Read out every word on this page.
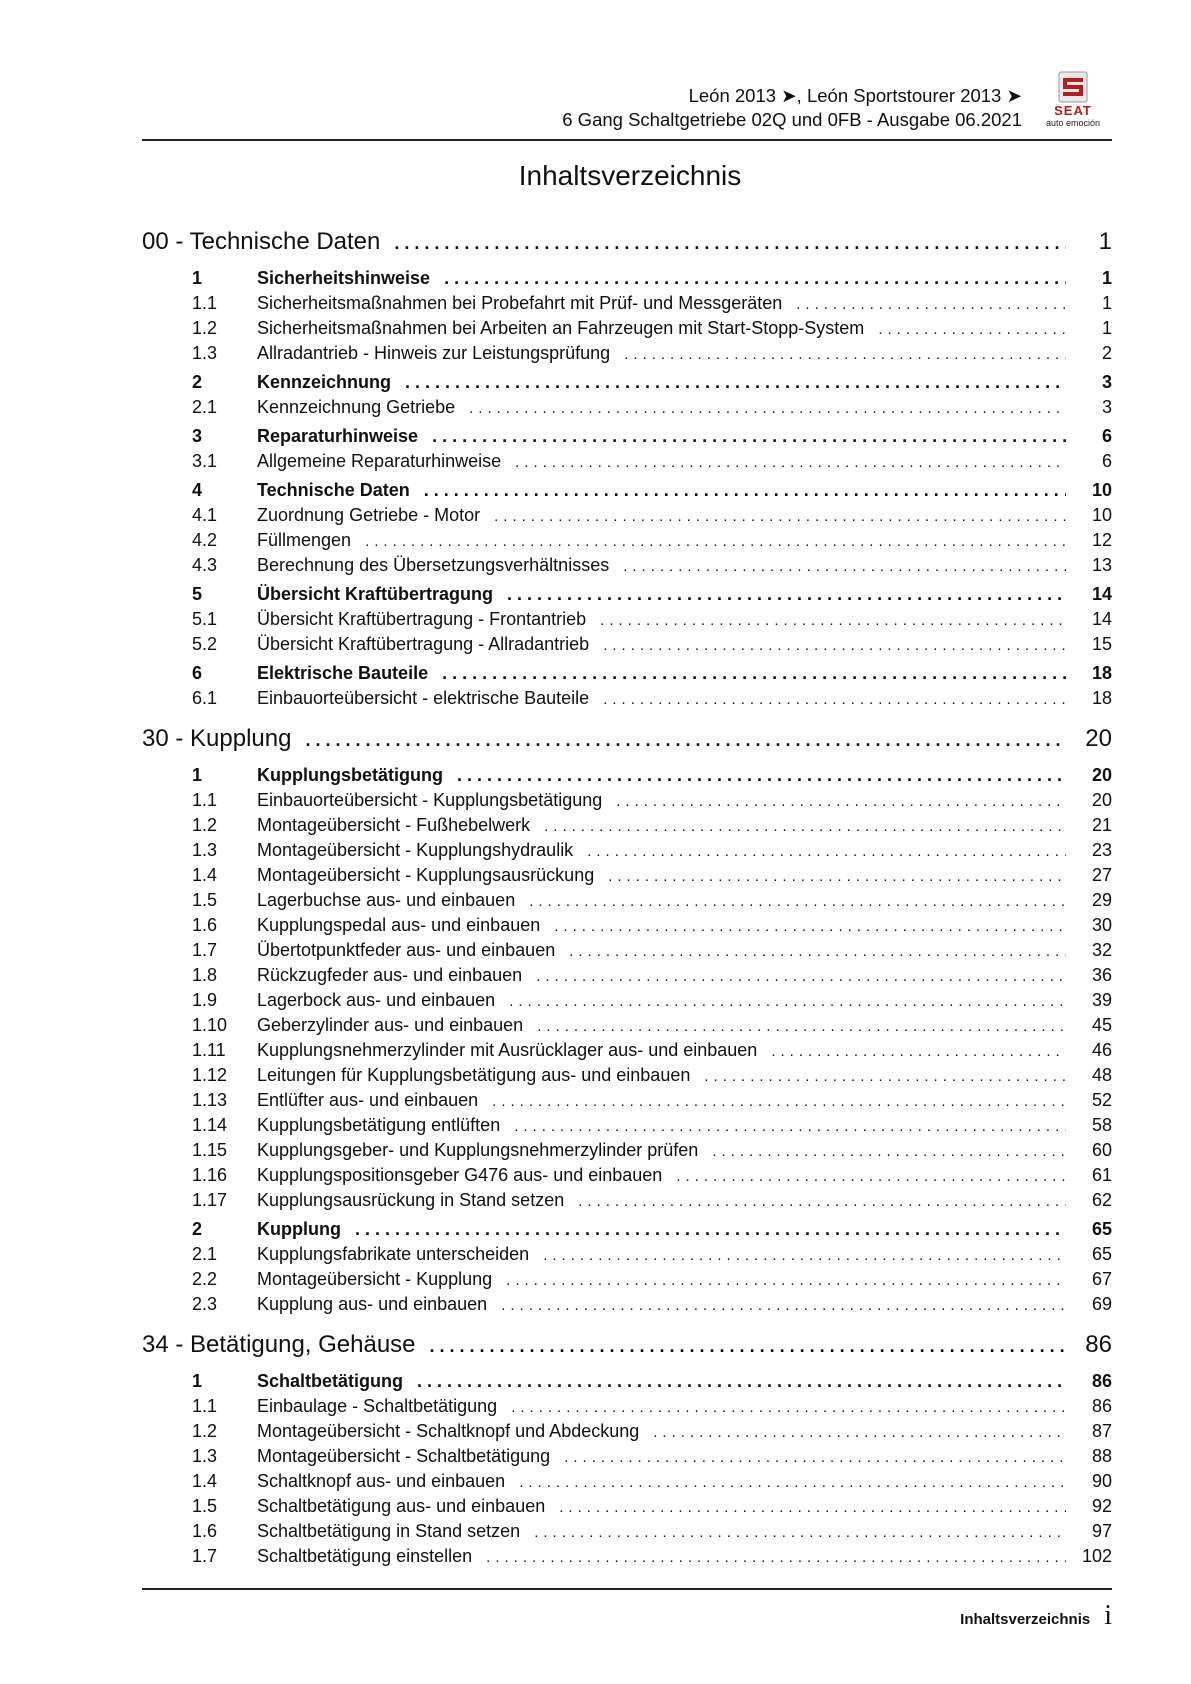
León 2013 ➤, León Sportstourer 2013 ➤
6 Gang Schaltgetriebe 02Q und 0FB - Ausgabe 06.2021 SEAT
auto emoción
Inhaltsverzeichnis
00 - Technische Daten .....	1
1	Sicherheitshinweise .....	1
1.1	Sicherheitsmaßnahmen bei Probefahrt mit Prüf- und Messgeräten .....	1
1.2	Sicherheitsmaßnahmen bei Arbeiten an Fahrzeugen mit Start-Stopp-System .....	1
1.3	Allradantrieb - Hinweis zur Leistungsprüfung .....	2
2	Kennzeichnung .....	3
2.1	Kennzeichnung Getriebe .....	3
3	Reparaturhinweise .....	6
3.1	Allgemeine Reparaturhinweise .....	6
4	Technische Daten .....	10
4.1	Zuordnung Getriebe - Motor .....	10
4.2	Füllmengen .....	12
4.3	Berechnung des Übersetzungsverhältnisses .....	13
5	Übersicht Kraftübertragung .....	14
5.1	Übersicht Kraftübertragung - Frontantrieb .....	14
5.2	Übersicht Kraftübertragung - Allradantrieb .....	15
6	Elektrische Bauteile .....	18
6.1	Einbauorteübersicht - elektrische Bauteile .....	18
30 - Kupplung .....	20
1	Kupplungsbetätigung .....	20
1.1	Einbauorteübersicht - Kupplungsbetätigung .....	20
1.2	Montageübersicht - Fußhebelwerk .....	21
1.3	Montageübersicht - Kupplungshydraulik .....	23
1.4	Montageübersicht - Kupplungsausrückung .....	27
1.5	Lagerbuchse aus- und einbauen .....	29
1.6	Kupplungspedal aus- und einbauen .....	30
1.7	Übertotpunktfeder aus- und einbauen .....	32
1.8	Rückzugfeder aus- und einbauen .....	36
1.9	Lagerbock aus- und einbauen .....	39
1.10	Geberzylinder aus- und einbauen .....	45
1.11	Kupplungsnehmerzylinder mit Ausrücklager aus- und einbauen .....	46
1.12	Leitungen für Kupplungsbetätigung aus- und einbauen .....	48
1.13	Entlüfter aus- und einbauen .....	52
1.14	Kupplungsbetätigung entlüften .....	58
1.15	Kupplungsgeber- und Kupplungsnehmerzylinder prüfen .....	60
1.16	Kupplungspositionsgeber G476 aus- und einbauen .....	61
1.17	Kupplungsausrückung in Stand setzen .....	62
2	Kupplung .....	65
2.1	Kupplungsfabrikate unterscheiden .....	65
2.2	Montageübersicht - Kupplung .....	67
2.3	Kupplung aus- und einbauen .....	69
34 - Betätigung, Gehäuse .....	86
1	Schaltbetätigung .....	86
1.1	Einbaulage - Schaltbetätigung .....	86
1.2	Montageübersicht - Schaltknopf und Abdeckung .....	87
1.3	Montageübersicht - Schaltbetätigung .....	88
1.4	Schaltknopf aus- und einbauen .....	90
1.5	Schaltbetätigung aus- und einbauen .....	92
1.6	Schaltbetätigung in Stand setzen .....	97
1.7	Schaltbetätigung einstellen .....	102
Inhaltsverzeichnis i
